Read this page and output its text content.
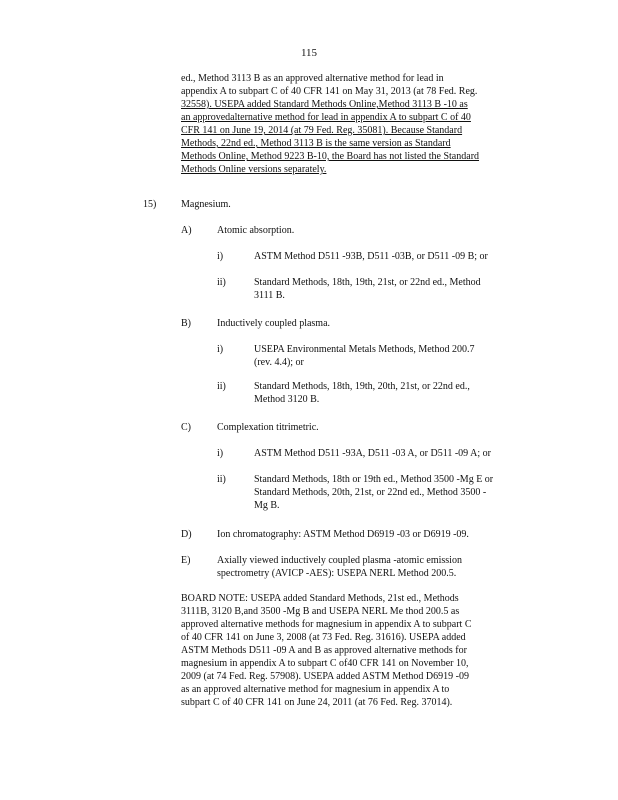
115
ed., Method 3113 B as an approved alternative method for lead in
appendix A to subpart C of 40 CFR 141 on May 31, 2013 (at 78 Fed. Reg.
32558). USEPA added Standard Methods Online,Method 3113 B -10 as
an approvedalternative method for lead in appendix A to subpart C of 40
CFR 141 on June 19, 2014 (at 79 Fed. Reg. 35081). Because Standard
Methods, 22nd ed., Method 3113 B is the same version as Standard
Methods Online, Method 9223 B-10, the Board has not listed the Standard
Methods Online versions separately.
15) Magnesium.
A)	Atomic absorption.
i)	ASTM Method D511 -93B, D511 -03B, or D511 -09 B; or
ii)	Standard Methods, 18th, 19th, 21st, or 22nd ed., Method
3111 B.
B)	Inductively coupled plasma.
i)	USEPA Environmental Metals Methods, Method 200.7
(rev. 4.4); or
ii)	Standard Methods, 18th, 19th, 20th, 21st, or 22nd ed.,
Method 3120 B.
C)	Complexation titrimetric.
i)	ASTM Method D511 -93A, D511 -03 A, or D511 -09 A; or
ii)	Standard Methods, 18th or 19th ed., Method 3500 -Mg E or
Standard Methods, 20th, 21st, or 22nd ed., Method 3500 -
Mg B.
D)	Ion chromatography: ASTM Method D6919 -03 or D6919 -09.
E)	Axially viewed inductively coupled plasma -atomic emission
spectrometry (AVICP -AES): USEPA NERL Method 200.5.
BOARD NOTE: USEPA added Standard Methods, 21st ed., Methods
3111B, 3120 B,and 3500 -Mg B and USEPA NERL Me thod 200.5 as
approved alternative methods for magnesium in appendix A to subpart C
of 40 CFR 141 on June 3, 2008 (at 73 Fed. Reg. 31616). USEPA added
ASTM Methods D511 -09 A and B as approved alternative methods for
magnesium in appendix A to subpart C of40 CFR 141 on November 10,
2009 (at 74 Fed. Reg. 57908). USEPA added ASTM Method D6919 -09
as an approved alternative method for magnesium in appendix A to
subpart C of 40 CFR 141 on June 24, 2011 (at 76 Fed. Reg. 37014).
